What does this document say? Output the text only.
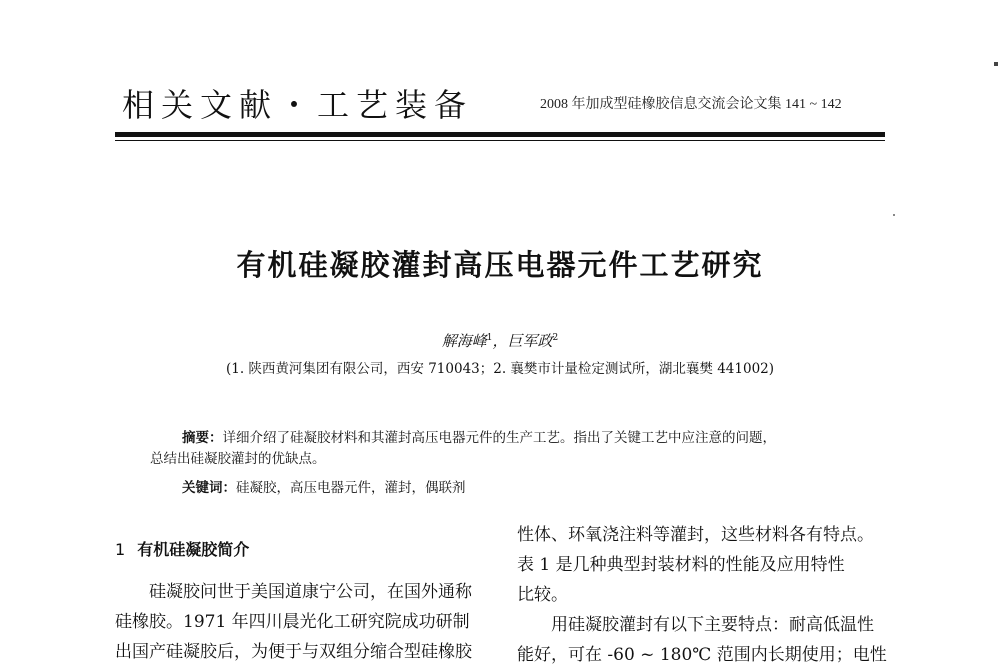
相关文献・工艺装备	2008 年加成型硅橡胶信息交流会论文集 141 ~ 142
有机硅凝胶灌封高压电器元件工艺研究
解海峰$^1$，巨军政$^2$
(1. 陕西黄河集团有限公司，西安 710043；2. 襄樊市计量检定测试所，湖北襄樊 441002)

摘要：详细介绍了硅凝胶材料和其灌封高压电器元件的生产工艺。指出了关键工艺中应注意的问题，

总结出硅凝胶灌封的优缺点。

关键词：硅凝胶，高压电器元件，灌封，偶联剂
1 有机硅凝胶简介

硅凝胶问世于美国道康宁公司，在国外通称

硅橡胶。1971 年四川晨光化工研究院成功研制

出国产硅凝胶后，为便于与双组分缩合型硅橡胶

性体、环氧浇注料等灌封，这些材料各有特点。

表 1 是几种典型封装材料的性能及应用特性

比较。

用硅凝胶灌封有以下主要特点：耐高低温性

能好，可在 -60 ~ 180℃ 范围内长期使用；电性
